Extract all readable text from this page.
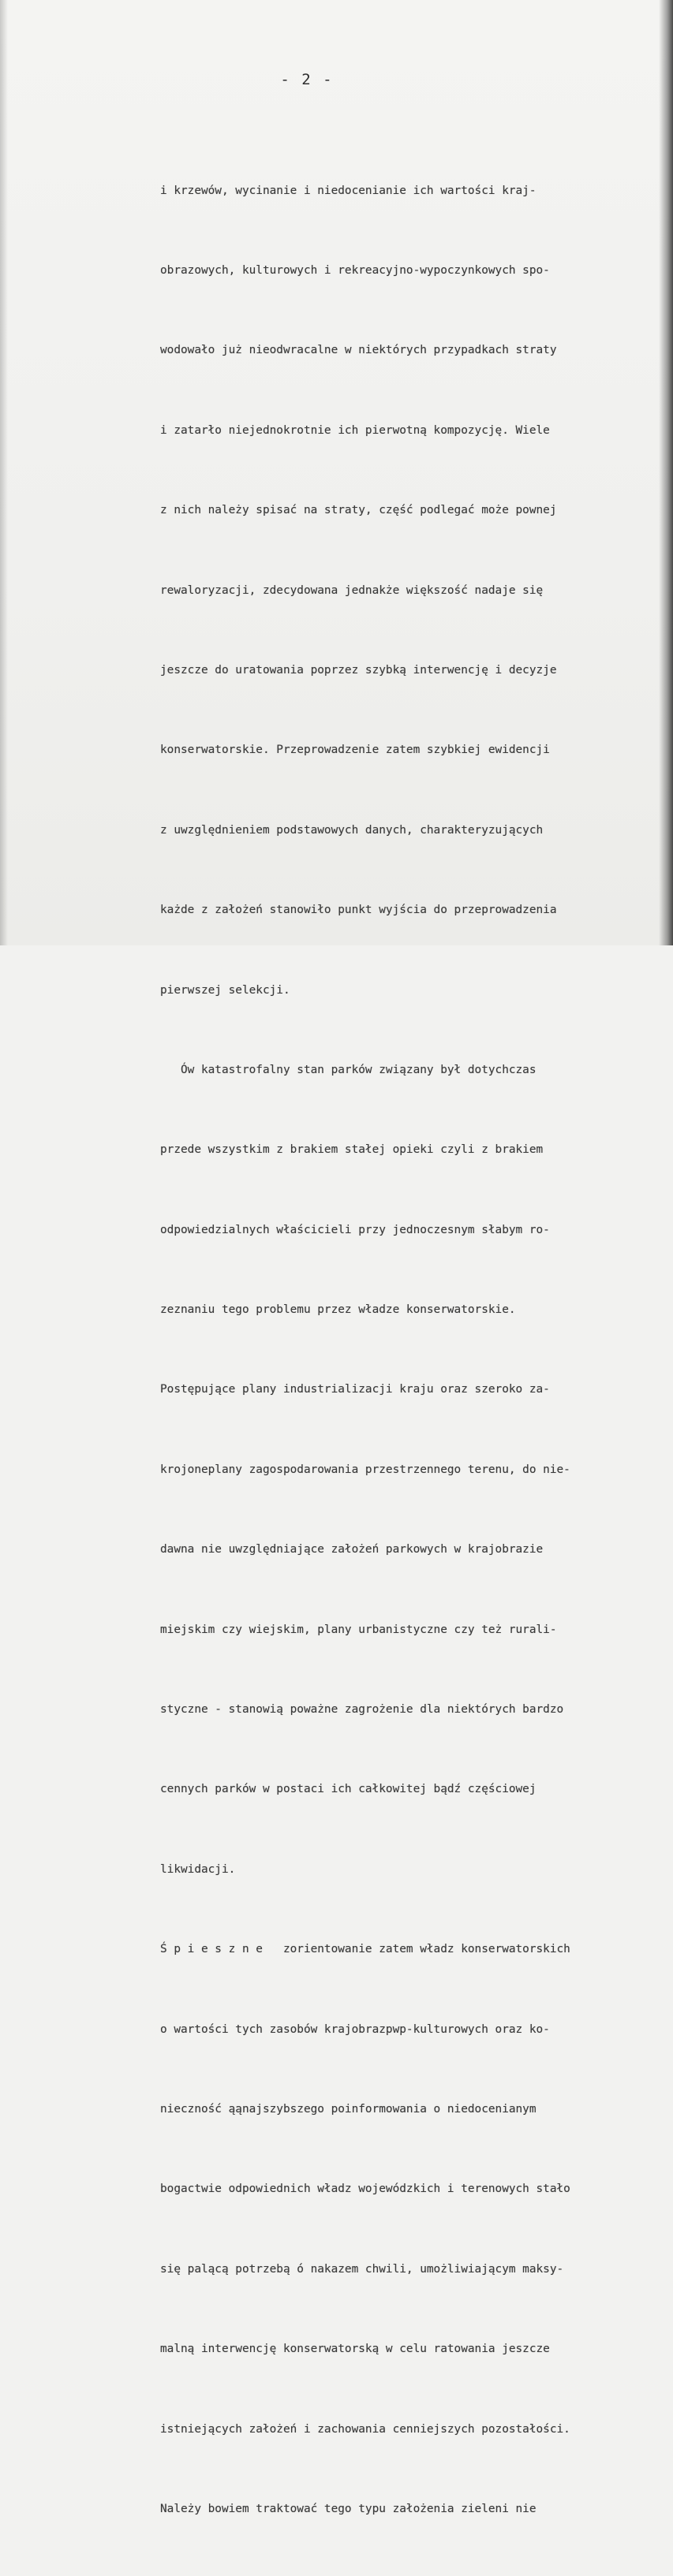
- 2 -

i krzewów, wycinanie i niedocenianie ich wartości kraj-

obrazowych, kulturowych i rekreacyjno-wypoczynkowych spo-

wodowało już nieodwracalne w niektórych przypadkach straty

i zatarło niejednokrotnie ich pierwotną kompozycję. Wiele

z nich należy spisać na straty, część podlegać może pownej

rewaloryzacji, zdecydowana jednakże większość nadaje się

jeszcze do uratowania poprzez szybką interwencję i decyzje

konserwatorskie. Przeprowadzenie zatem szybkiej ewidencji

z uwzględnieniem podstawowych danych, charakteryzujących

każde z założeń stanowiło punkt wyjścia do przeprowadzenia

pierwszej selekcji.

Ów katastrofalny stan parków związany był dotychczas

przede wszystkim z brakiem stałej opieki czyli z brakiem

odpowiedzialnych właścicieli przy jednoczesnym słabym ro-

zeznaniu tego problemu przez władze konserwatorskie.

Postępujące plany industrializacji kraju oraz szeroko za-

krojoneplany zagospodarowania przestrzennego terenu, do nie-

dawna nie uwzględniające założeń parkowych w krajobrazie

miejskim czy wiejskim, plany urbanistyczne czy też rurali-

styczne - stanowią poważne zagrożenie dla niektórych bardzo

cennych parków w postaci ich całkowitej bądź częściowej

likwidacji.

Ś p i e s z n e   zorientowanie zatem władz konserwatorskich

o wartości tych zasobów krajobrazpwp-kulturowych oraz ko-

nieczność ąąnajszybszego poinformowania o niedocenianym

bogactwie odpowiednich władz wojewódzkich i terenowych stało

się palącą potrzebą ó nakazem chwili, umożliwiającym maksy-

malną interwencję konserwatorską w celu ratowania jeszcze

istniejących założeń i zachowania cenniejszych pozostałości.

Należy bowiem traktować tego typu założenia zieleni nie
